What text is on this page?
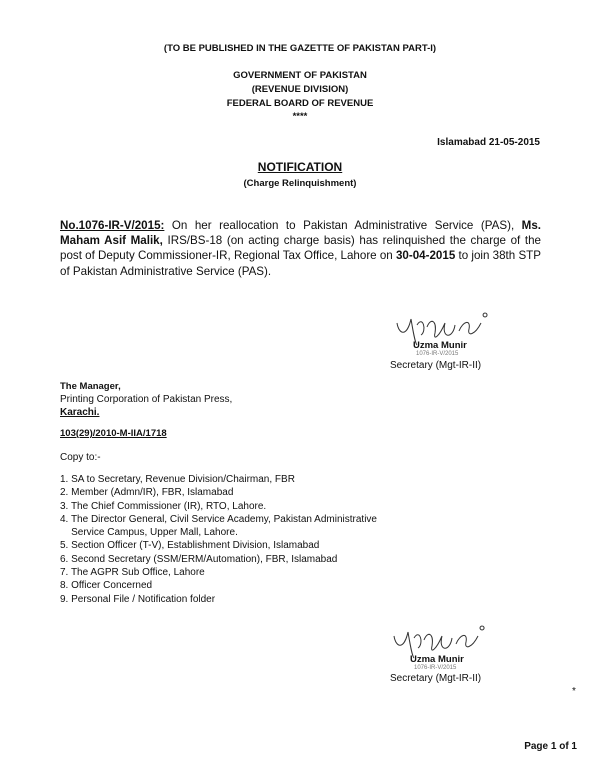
(TO BE PUBLISHED IN THE GAZETTE OF PAKISTAN PART-I)
GOVERNMENT OF PAKISTAN
(REVENUE DIVISION)
FEDERAL BOARD OF REVENUE
****
Islamabad 21-05-2015
NOTIFICATION
(Charge Relinquishment)
No.1076-IR-V/2015: On her reallocation to Pakistan Administrative Service (PAS), Ms. Maham Asif Malik, IRS/BS-18 (on acting charge basis) has relinquished the charge of the post of Deputy Commissioner-IR, Regional Tax Office, Lahore on 30-04-2015 to join 38th STP of Pakistan Administrative Service (PAS).
Uzma Munir
1076-IR-V/2015
Secretary (Mgt-IR-II)
The Manager,
Printing Corporation of Pakistan Press,
Karachi.
103(29)/2010-M-IIA/1718
Copy to:-
1. SA to Secretary, Revenue Division/Chairman, FBR
2. Member (Admn/IR), FBR, Islamabad
3. The Chief Commissioner (IR), RTO, Lahore.
4. The Director General, Civil Service Academy, Pakistan Administrative
Service Campus, Upper Mall, Lahore.
5. Section Officer (T-V), Establishment Division, Islamabad
6. Second Secretary (SSM/ERM/Automation), FBR, Islamabad
7. The AGPR Sub Office, Lahore
8. Officer Concerned
9. Personal File / Notification folder
Uzma Munir
1076-IR-V/2015
Secretary (Mgt-IR-II)
*
Page 1 of 1
